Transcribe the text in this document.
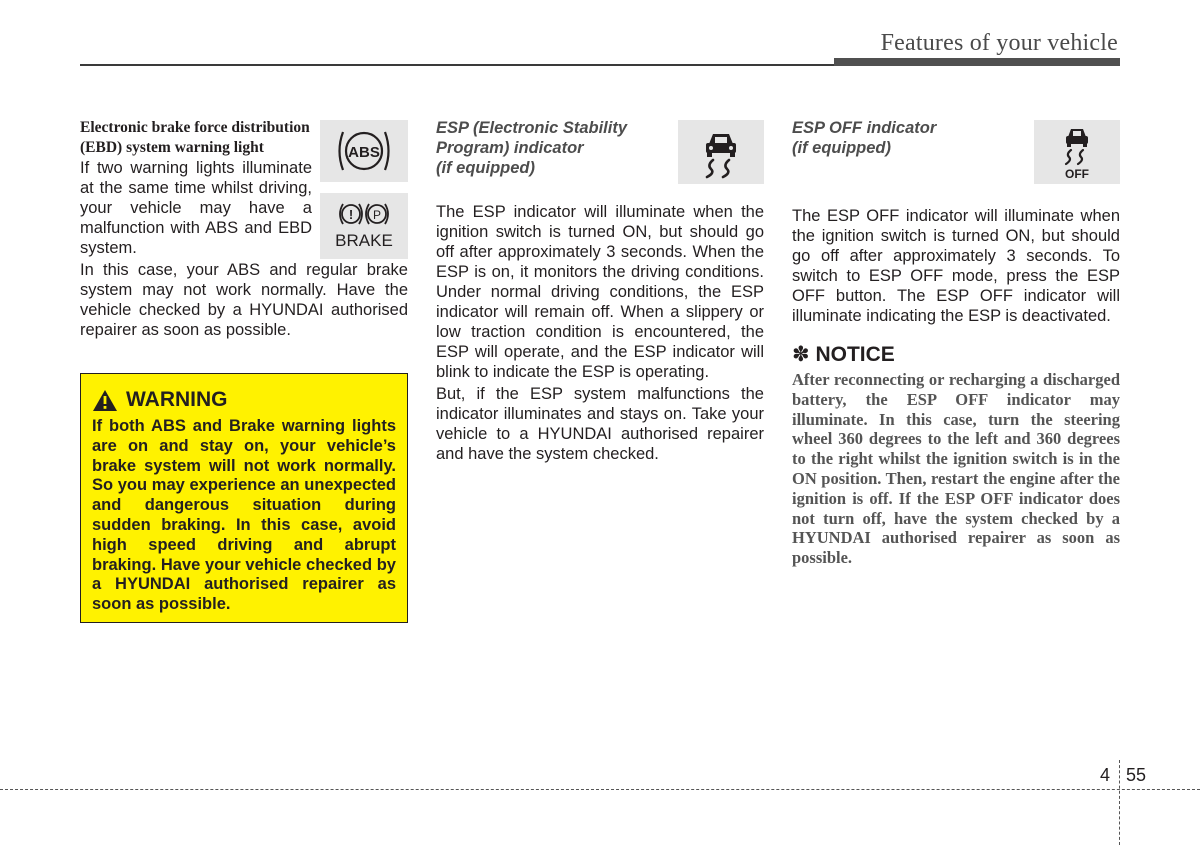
Features of your vehicle
Electronic brake force distribution (EBD) system warning light

If two warning lights illuminate at the same time whilst driving, your vehicle may have a malfunction with ABS and EBD system.

In this case, your ABS and regular brake system may not work normally. Have the vehicle checked by a HYUNDAI authorised repairer as soon as possible.

ABS
! P
BRAKE
WARNING

If both ABS and Brake warning lights are on and stay on, your vehicle’s brake system will not work normally. So you may experience an unexpected and dangerous situation during sudden braking. In this case, avoid high speed driving and abrupt braking. Have your vehicle checked by a HYUNDAI authorised repairer as soon as possible.

ESP (Electronic Stability
Program) indicator
(if equipped)

The ESP indicator will illuminate when the ignition switch is turned ON, but should go off after approximately 3 seconds. When the ESP is on, it monitors the driving conditions. Under normal driving conditions, the ESP indicator will remain off. When a slippery or low traction condition is encountered, the ESP will operate, and the ESP indicator will blink to indicate the ESP is operating.

But, if the ESP system malfunctions the indicator illuminates and stays on. Take your vehicle to a HYUNDAI authorised repairer and have the system checked.

ESP OFF indicator
(if equipped)

The ESP OFF indicator will illuminate when the ignition switch is turned ON, but should go off after approximately 3 seconds. To switch to ESP OFF mode, press the ESP OFF button. The ESP OFF indicator will illuminate indicating the ESP is deactivated.

✽ NOTICE

After reconnecting or recharging a discharged battery, the ESP OFF indicator may illuminate. In this case, turn the steering wheel 360 degrees to the left and 360 degrees to the right whilst the ignition switch is in the ON position. Then, restart the engine after the ignition is off. If the ESP OFF indicator does not turn off, have the system checked by a HYUNDAI authorised repairer as soon as possible.

OFF
4 55
